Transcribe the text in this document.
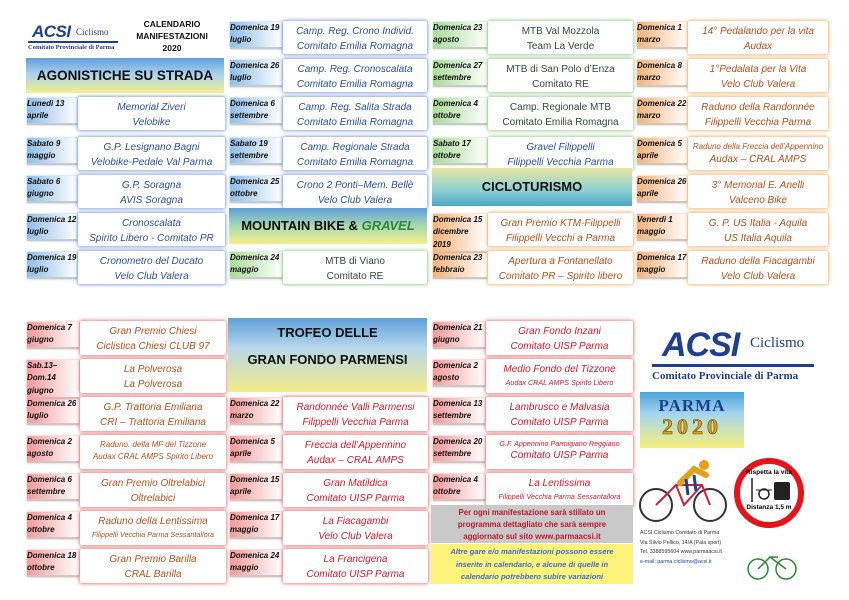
ACSI Ciclismo
Comitato Provinciale di Parma
CALENDARIO
MANIFESTAZIONI
2020
AGONISTICHE SU STRADA
Lunedì 13
aprile
Memorial Ziveri
Velobike
Sabato 9
maggio
G.P. Lesignano Bagni
Velobike-Pedale Val Parma
Sabato 6
giugno
G.P. Soragna
AVIS Soragna
Domenica 12
luglio
Cronoscalata
Spirito Libero - Comitato PR
Domenica 19
luglio
Cronometro del Ducato
Velo Club Valera
Domenica 19
luglio
Camp. Reg. Crono Individ.
Comitato Emilia Romagna
Domenica 26
luglio
Camp. Reg. Cronoscalata
Comitato Emilia Romagna
Domenica 6
settembre
Camp. Reg. Salita Strada
Comitato Emilia Romagna
Sabato 19
settembre
Camp. Regionale Strada
Comitato Emilia Romagna
Domenica 25
ottobre
Crono 2 Ponti–Mem. Bellè
Velo Club Valera
Domenica 24
maggio
MTB di Viano
Comitato RE
MOUNTAIN BIKE & GRAVEL
Domenica 23
agosto
MTB Val Mozzola
Team La Verde
Domenica 27
settembre
MTB di San Polo d’Enza
Comitato RE
Domenica 4
ottobre
Camp. Regionale MTB
Comitato Emilia Romagna
Sabato 17
ottobre
Gravel Filippelli
Filippelli Vecchia Parma
Domenica 15
dicembre 2019
Gran Premio KTM-Filippelli
Filippelli Vecchi a Parma
Domenica 23
febbraio
Apertura a Fontanellato
Comitato PR – Spirito libero
CICLOTURISMO
Domenica 1
marzo
14° Pedalando per la vita
Audax
Domenica 8
marzo
1°Pedalata per la Vita
Velo Club Valera
Domenica 22
marzo
Raduno della Randonnée
Filippelli Vecchia Parma
Domenica 5
aprile
Raduno della Freccia dell’Appennino
Audax – CRAL AMPS
Domenica 26
aprile
3° Memorial E. Anelli
Valceno Bike
Venerdì 1
maggio
G. P. US Italia - Aquila
US Italia Aquila
Domenica 17
maggio
Raduno della Fiacagambi
Velo Club Valera
Domenica 7
giugno
Gran Premio Chiesi
Ciclistica Chiesi CLUB 97
Sab.13–Dom.14
giugno
La Polverosa
La Polverosa
Domenica 26
luglio
G.P. Trattoria Emiliana
CRI – Trattoria Emiliana
Domenica 2
agosto
Raduno. della MF del Tizzone
Audax CRAL AMPS Spirito Libero
Domenica 6
settembre
Gran Premio Oltrelabici
Oltrelabici
Domenica 4
ottobre
Raduno della Lentissima
Filippelli Vecchia Parma Sessantallora
Domenica 18
ottobre
Gran Premio Barilla
CRAL Barilla
TROFEO DELLE
GRAN FONDO PARMENSI
Domenica 22
marzo
Randonnée Valli Parmensi
Filippelli Vecchia Parma
Domenica 5
aprile
Freccia dell’Appennino
Audax – CRAL AMPS
Domenica 15
aprile
Gran Matildica
Comitato UISP Parma
Domenica 17
maggio
La Fiacagambi
Velo Club Valera
Domenica 24
maggio
La Francigena
Comitato UISP Parma
Domenica 21
giugno
Gran Fondo Inzani
Comitato UISP Parma
Domenica 2
agosto
Medio Fondo del Tizzone
Audax CRAL AMPS Spirito Libero
Domenica 13
settembre
Lambrusco e Malvasia
Comitato UISP Parma
Domenica 20
settembre
G.F. Appennino Parmigiano Reggiano
Comitato UISP Parma
Domenica 4
ottobre
La Lentissima
Filippelli Vecchia Parma Sessantallora
Per ogni manifestazione sarà stillato un
programma dettagliato che sarà sempre
aggiornato sul sito www.parmaacsi.it
Altre gare e/o manifestazioni possono essere
inserite in calendario, e alcune di quelle in
calendario potrebbero subire variazioni
ACSI Ciclismo
Comitato Provinciale di Parma
PARMA
2020
Rispetta la vita
Distanza 1,5 m
ACSI Ciclismo Comitato di Parma
Via Silvio Pellico, 14/A (Pala sport)
Tel. 3388595604 www.parmaacsi.it
e-mail: parma.ciclismo@acsi.it
